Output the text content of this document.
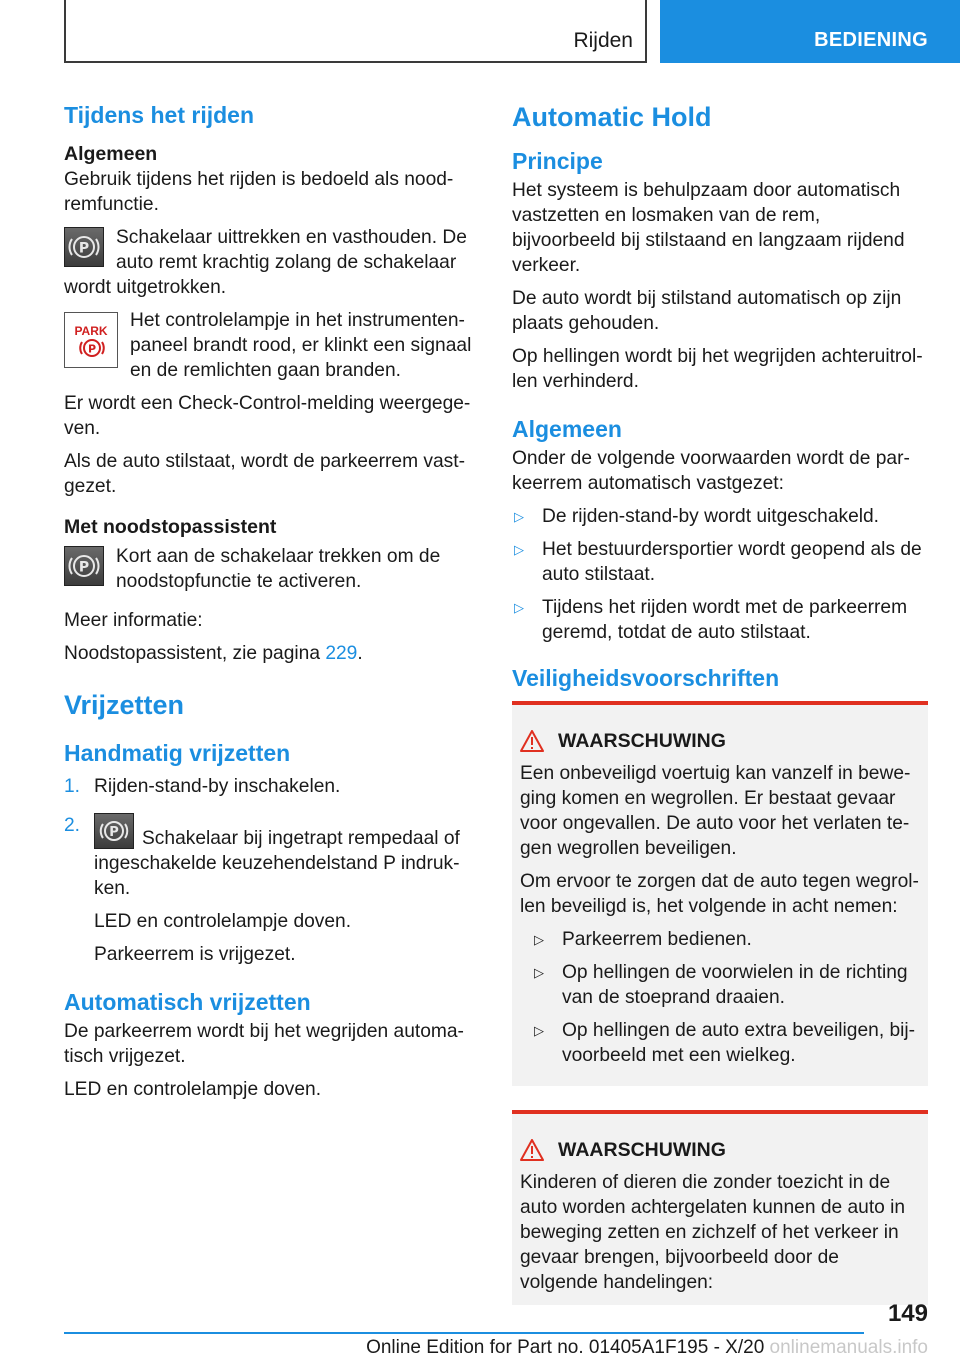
Rijden	BEDIENING
Tijdens het rijden
Algemeen

Gebruik tijdens het rijden is bedoeld als nood-remfunctie.

P
Schakelaar uittrekken en vasthouden. De auto remt krachtig zolang de schakelaar wordt uitgetrokken.
PARK
P
Het controlelampje in het instrumenten-paneel brandt rood, er klinkt een signaal en de remlichten gaan branden.

Er wordt een Check-Control-melding weergege-ven.

Als de auto stilstaat, wordt de parkeerrem vast-gezet.

Met noodstopassistent
P
Kort aan de schakelaar trekken om de noodstopfunctie te activeren.

Meer informatie:

Noodstopassistent, zie pagina 229.

Vrijzetten
Handmatig vrijzetten
1. Rijden-stand-by inschakelen.
2. P Schakelaar bij ingetrapt rempedaal of ingeschakelde keuzehendelstand P indruk-ken.
LED en controlelampje doven.
Parkeerrem is vrijgezet.
Automatisch vrijzetten

De parkeerrem wordt bij het wegrijden automa-tisch vrijgezet.

LED en controlelampje doven.

Automatic Hold
Principe

Het systeem is behulpzaam door automatisch vastzetten en losmaken van de rem, bijvoorbeeld bij stilstaand en langzaam rijdend verkeer.

De auto wordt bij stilstand automatisch op zijn plaats gehouden.

Op hellingen wordt bij het wegrijden achteruitrol-len verhinderd.

Algemeen

Onder de volgende voorwaarden wordt de par-keerrem automatisch vastgezet:

▷ De rijden-stand-by wordt uitgeschakeld.
▷ Het bestuurdersportier wordt geopend als de auto stilstaat.
▷ Tijdens het rijden wordt met de parkeerrem geremd, totdat de auto stilstaat.
Veiligheidsvoorschriften
WAARSCHUWING

Een onbeveiligd voertuig kan vanzelf in bewe-ging komen en wegrollen. Er bestaat gevaar voor ongevallen. De auto voor het verlaten te-gen wegrollen beveiligen.

Om ervoor te zorgen dat de auto tegen wegrol-len beveiligd is, het volgende in acht nemen:

▷ Parkeerrem bedienen.
▷ Op hellingen de voorwielen in de richting van de stoeprand draaien.
▷ Op hellingen de auto extra beveiligen, bij-voorbeeld met een wielkeg.
WAARSCHUWING

Kinderen of dieren die zonder toezicht in de auto worden achtergelaten kunnen de auto in beweging zetten en zichzelf of het verkeer in gevaar brengen, bijvoorbeeld door de volgende handelingen:

149
Online Edition for Part no. 01405A1F195 - X/20 onlinemanuals.info
